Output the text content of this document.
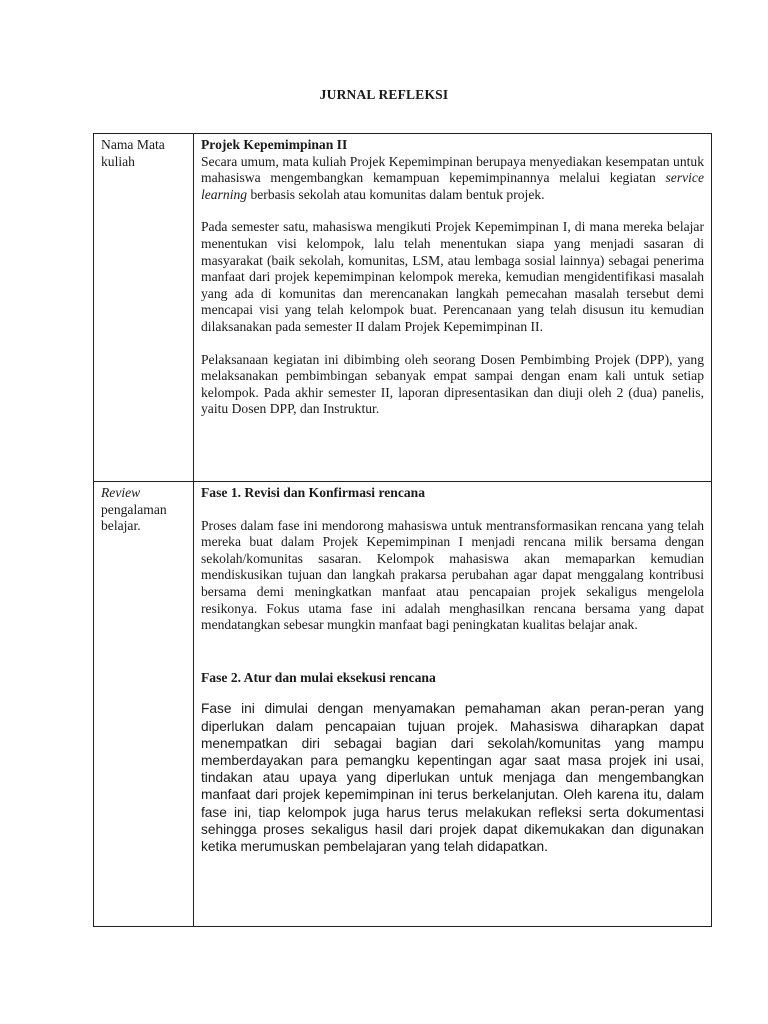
JURNAL REFLEKSI
Nama Mata kuliah	Projek Kepemimpinan II

Secara umum, mata kuliah Projek Kepemimpinan berupaya menyediakan kesempatan untuk mahasiswa mengembangkan kemampuan kepemimpinannya melalui kegiatan service learning berbasis sekolah atau komunitas dalam bentuk projek.

Pada semester satu, mahasiswa mengikuti Projek Kepemimpinan I, di mana mereka belajar menentukan visi kelompok, lalu telah menentukan siapa yang menjadi sasaran di masyarakat (baik sekolah, komunitas, LSM, atau lembaga sosial lainnya) sebagai penerima manfaat dari projek kepemimpinan kelompok mereka, kemudian mengidentifikasi masalah yang ada di komunitas dan merencanakan langkah pemecahan masalah tersebut demi mencapai visi yang telah kelompok buat. Perencanaan yang telah disusun itu kemudian dilaksanakan pada semester II dalam Projek Kepemimpinan II.

Pelaksanaan kegiatan ini dibimbing oleh seorang Dosen Pembimbing Projek (DPP), yang melaksanakan pembimbingan sebanyak empat sampai dengan enam kali untuk setiap kelompok. Pada akhir semester II, laporan dipresentasikan dan diuji oleh 2 (dua) panelis, yaitu Dosen DPP, dan Instruktur.

Review pengalaman belajar.	Fase 1. Revisi dan Konfirmasi rencana

Proses dalam fase ini mendorong mahasiswa untuk mentransformasikan rencana yang telah mereka buat dalam Projek Kepemimpinan I menjadi rencana milik bersama dengan sekolah/komunitas sasaran. Kelompok mahasiswa akan memaparkan kemudian mendiskusikan tujuan dan langkah prakarsa perubahan agar dapat menggalang kontribusi bersama demi meningkatkan manfaat atau pencapaian projek sekaligus mengelola resikonya. Fokus utama fase ini adalah menghasilkan rencana bersama yang dapat mendatangkan sebesar mungkin manfaat bagi peningkatan kualitas belajar anak.

Fase 2. Atur dan mulai eksekusi rencana

Fase ini dimulai dengan menyamakan pemahaman akan peran-peran yang diperlukan dalam pencapaian tujuan projek. Mahasiswa diharapkan dapat menempatkan diri sebagai bagian dari sekolah/komunitas yang mampu memberdayakan para pemangku kepentingan agar saat masa projek ini usai, tindakan atau upaya yang diperlukan untuk menjaga dan mengembangkan manfaat dari projek kepemimpinan ini terus berkelanjutan. Oleh karena itu, dalam fase ini, tiap kelompok juga harus terus melakukan refleksi serta dokumentasi sehingga proses sekaligus hasil dari projek dapat dikemukakan dan digunakan ketika merumuskan pembelajaran yang telah didapatkan.
